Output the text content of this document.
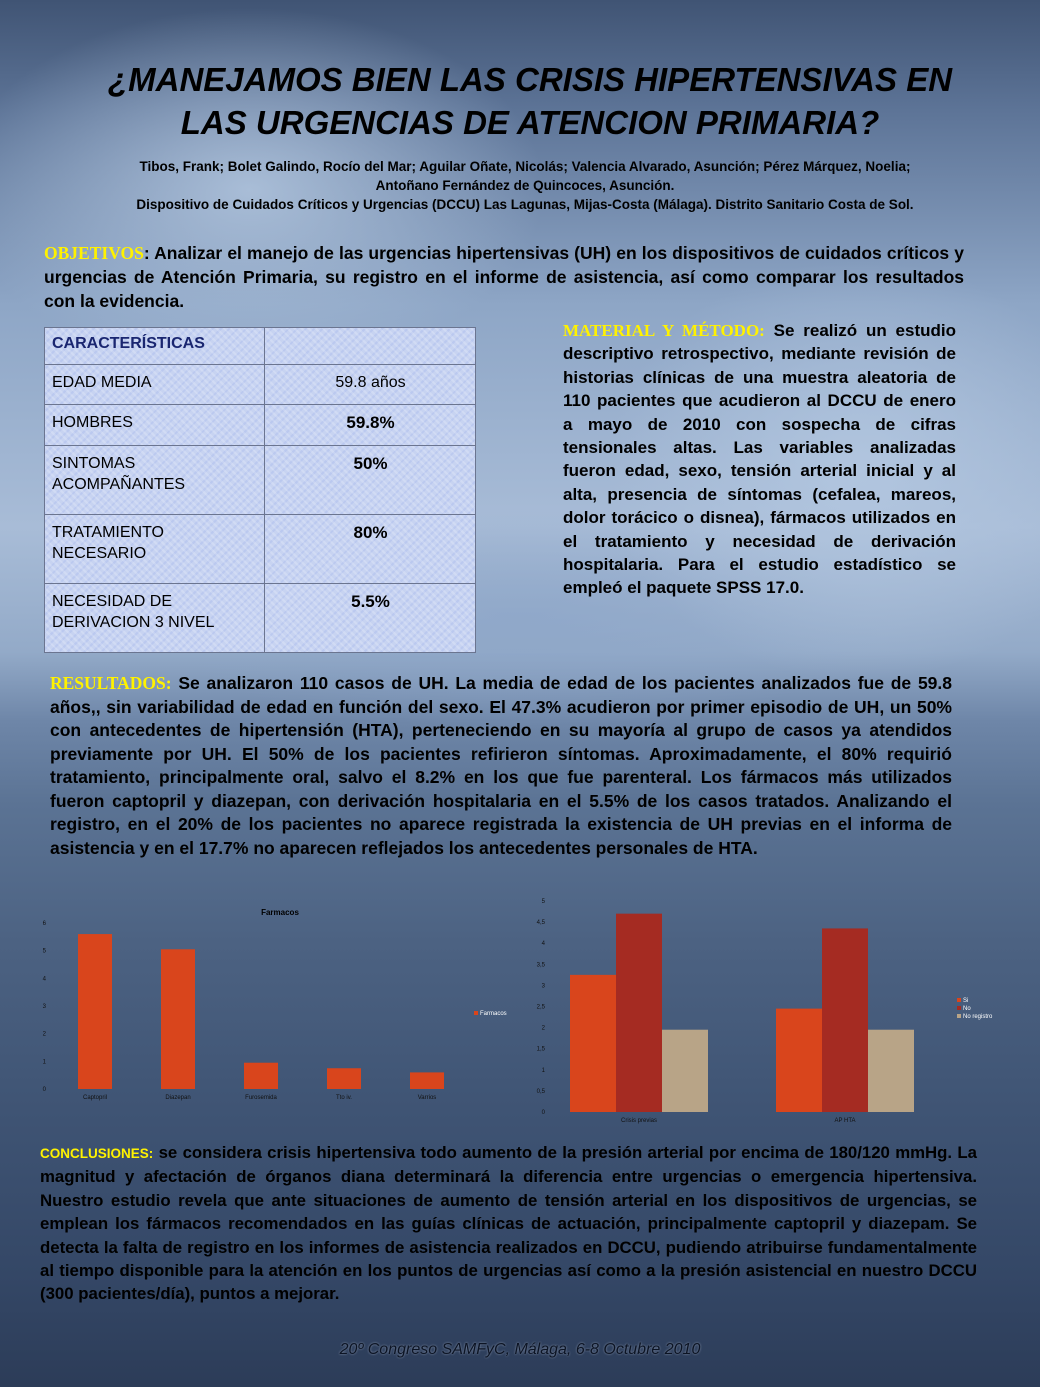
¿MANEJAMOS BIEN LAS CRISIS HIPERTENSIVAS EN
LAS URGENCIAS DE ATENCION PRIMARIA?
Tibos, Frank; Bolet Galindo, Rocío del Mar; Aguilar Oñate, Nicolás; Valencia Alvarado, Asunción; Pérez Márquez, Noelia;
Antoñano Fernández de Quincoces, Asunción.
Dispositivo de Cuidados Críticos y Urgencias (DCCU) Las Lagunas, Mijas-Costa (Málaga). Distrito Sanitario Costa de Sol.
OBJETIVOS: Analizar el manejo de las urgencias hipertensivas (UH) en los dispositivos de cuidados críticos y urgencias de Atención Primaria, su registro en el informe de asistencia, así como comparar los resultados con la evidencia.
CARACTERÍSTICAS	
EDAD MEDIA	59.8 años
HOMBRES	59.8%
SINTOMAS ACOMPAÑANTES	50%
TRATAMIENTO NECESARIO	80%
NECESIDAD DE DERIVACION 3 NIVEL	5.5%
MATERIAL Y MÉTODO: Se realizó un estudio descriptivo retrospectivo, mediante revisión de historias clínicas de una muestra aleatoria de 110 pacientes que acudieron al DCCU de enero a mayo de 2010 con sospecha de cifras tensionales altas. Las variables analizadas fueron edad, sexo, tensión arterial inicial y al alta, presencia de síntomas (cefalea, mareos, dolor torácico o disnea), fármacos utilizados en el tratamiento y necesidad de derivación hospitalaria. Para el estudio estadístico se empleó el paquete SPSS 17.0.
RESULTADOS: Se analizaron 110 casos de UH. La media de edad de los pacientes analizados fue de 59.8 años,, sin variabilidad de edad en función del sexo. El 47.3% acudieron por primer episodio de UH, un 50% con antecedentes de hipertensión (HTA), perteneciendo en su mayoría al grupo de casos ya atendidos previamente por UH. El 50% de los pacientes refirieron síntomas. Aproximadamente, el 80% requirió tratamiento, principalmente oral, salvo el 8.2% en los que fue parenteral. Los fármacos más utilizados fueron captopril y diazepan, con derivación hospitalaria en el 5.5% de los casos tratados. Analizando el registro, en el 20% de los pacientes no aparece registrada la existencia de UH previas en el informa de asistencia y en el 17.7% no aparecen reflejados los antecedentes personales de HTA.
Farmacos
0
1
2
3
4
5
6
Captopril	Diazepan	Furosemida	Tto iv.	Varrios
Farmacos
0
0,5
1
1,5
2
2,5
3
3,5
4
4,5
5
Crisis previas	AP HTA
Si
No
No registro
CONCLUSIONES: se considera crisis hipertensiva todo aumento de la presión arterial por encima de 180/120 mmHg. La magnitud y afectación de órganos diana determinará la diferencia entre urgencias o emergencia hipertensiva. Nuestro estudio revela que ante situaciones de aumento de tensión arterial en los dispositivos de urgencias, se emplean los fármacos recomendados en las guías clínicas de actuación, principalmente captopril y diazepam. Se detecta la falta de registro en los informes de asistencia realizados en DCCU, pudiendo atribuirse fundamentalmente al tiempo disponible para la atención en los puntos de urgencias así como a la presión asistencial en nuestro DCCU (300 pacientes/día), puntos a mejorar.
20º Congreso SAMFyC, Málaga, 6-8 Octubre 2010
